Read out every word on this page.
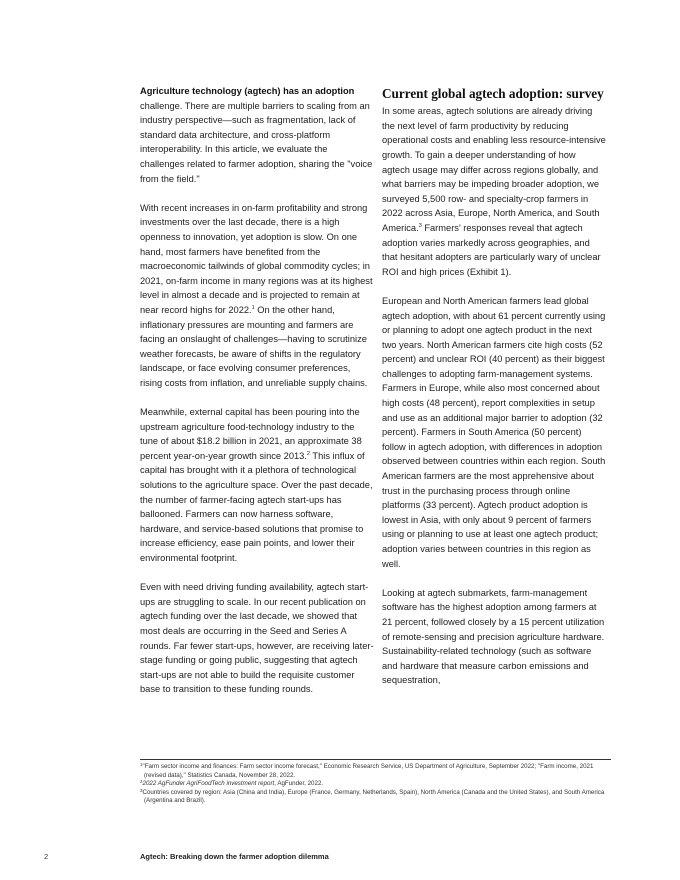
Agriculture technology (agtech) has an adoption challenge. There are multiple barriers to scaling from an industry perspective—such as fragmentation, lack of standard data architecture, and cross-platform interoperability. In this article, we evaluate the challenges related to farmer adoption, sharing the "voice from the field."

With recent increases in on-farm profitability and strong investments over the last decade, there is a high openness to innovation, yet adoption is slow. On one hand, most farmers have benefited from the macroeconomic tailwinds of global commodity cycles; in 2021, on-farm income in many regions was at its highest level in almost a decade and is projected to remain at near record highs for 2022.$^1$ On the other hand, inflationary pressures are mounting and farmers are facing an onslaught of challenges—having to scrutinize weather forecasts, be aware of shifts in the regulatory landscape, or face evolving consumer preferences, rising costs from inflation, and unreliable supply chains.

Meanwhile, external capital has been pouring into the upstream agriculture food-technology industry to the tune of about $18.2 billion in 2021, an approximate 38 percent year-on-year growth since 2013.$^2$ This influx of capital has brought with it a plethora of technological solutions to the agriculture space. Over the past decade, the number of farmer-facing agtech start-ups has ballooned. Farmers can now harness software, hardware, and service-based solutions that promise to increase efficiency, ease pain points, and lower their environmental footprint.

Even with need driving funding availability, agtech start-ups are struggling to scale. In our recent publication on agtech funding over the last decade, we showed that most deals are occurring in the Seed and Series A rounds. Far fewer start-ups, however, are receiving later-stage funding or going public, suggesting that agtech start-ups are not able to build the requisite customer base to transition to these funding rounds.

Current global agtech adoption: survey

In some areas, agtech solutions are already driving the next level of farm productivity by reducing operational costs and enabling less resource-intensive growth. To gain a deeper understanding of how agtech usage may differ across regions globally, and what barriers may be impeding broader adoption, we surveyed 5,500 row- and specialty-crop farmers in 2022 across Asia, Europe, North America, and South America.$^3$ Farmers' responses reveal that agtech adoption varies markedly across geographies, and that hesitant adopters are particularly wary of unclear ROI and high prices (Exhibit 1).

European and North American farmers lead global agtech adoption, with about 61 percent currently using or planning to adopt one agtech product in the next two years. North American farmers cite high costs (52 percent) and unclear ROI (40 percent) as their biggest challenges to adopting farm-management systems. Farmers in Europe, while also most concerned about high costs (48 percent), report complexities in setup and use as an additional major barrier to adoption (32 percent). Farmers in South America (50 percent) follow in agtech adoption, with differences in adoption observed between countries within each region. South American farmers are the most apprehensive about trust in the purchasing process through online platforms (33 percent). Agtech product adoption is lowest in Asia, with only about 9 percent of farmers using or planning to use at least one agtech product; adoption varies between countries in this region as well.

Looking at agtech submarkets, farm-management software has the highest adoption among farmers at 21 percent, followed closely by a 15 percent utilization of remote-sensing and precision agriculture hardware. Sustainability-related technology (such as software and hardware that measure carbon emissions and sequestration,

$^1$"Farm sector income and finances: Farm sector income forecast," Economic Research Service, US Department of Agriculture, September 2022; "Farm income, 2021 (revised data)," Statistics Canada, November 28, 2022.
$^2$2022 AgFunder AgriFoodTech investment report, AgFunder, 2022.
$^3$Countries covered by region: Asia (China and India), Europe (France, Germany, Netherlands, Spain), North America (Canada and the United States), and South America (Argentina and Brazil).
2	Agtech: Breaking down the farmer adoption dilemma
